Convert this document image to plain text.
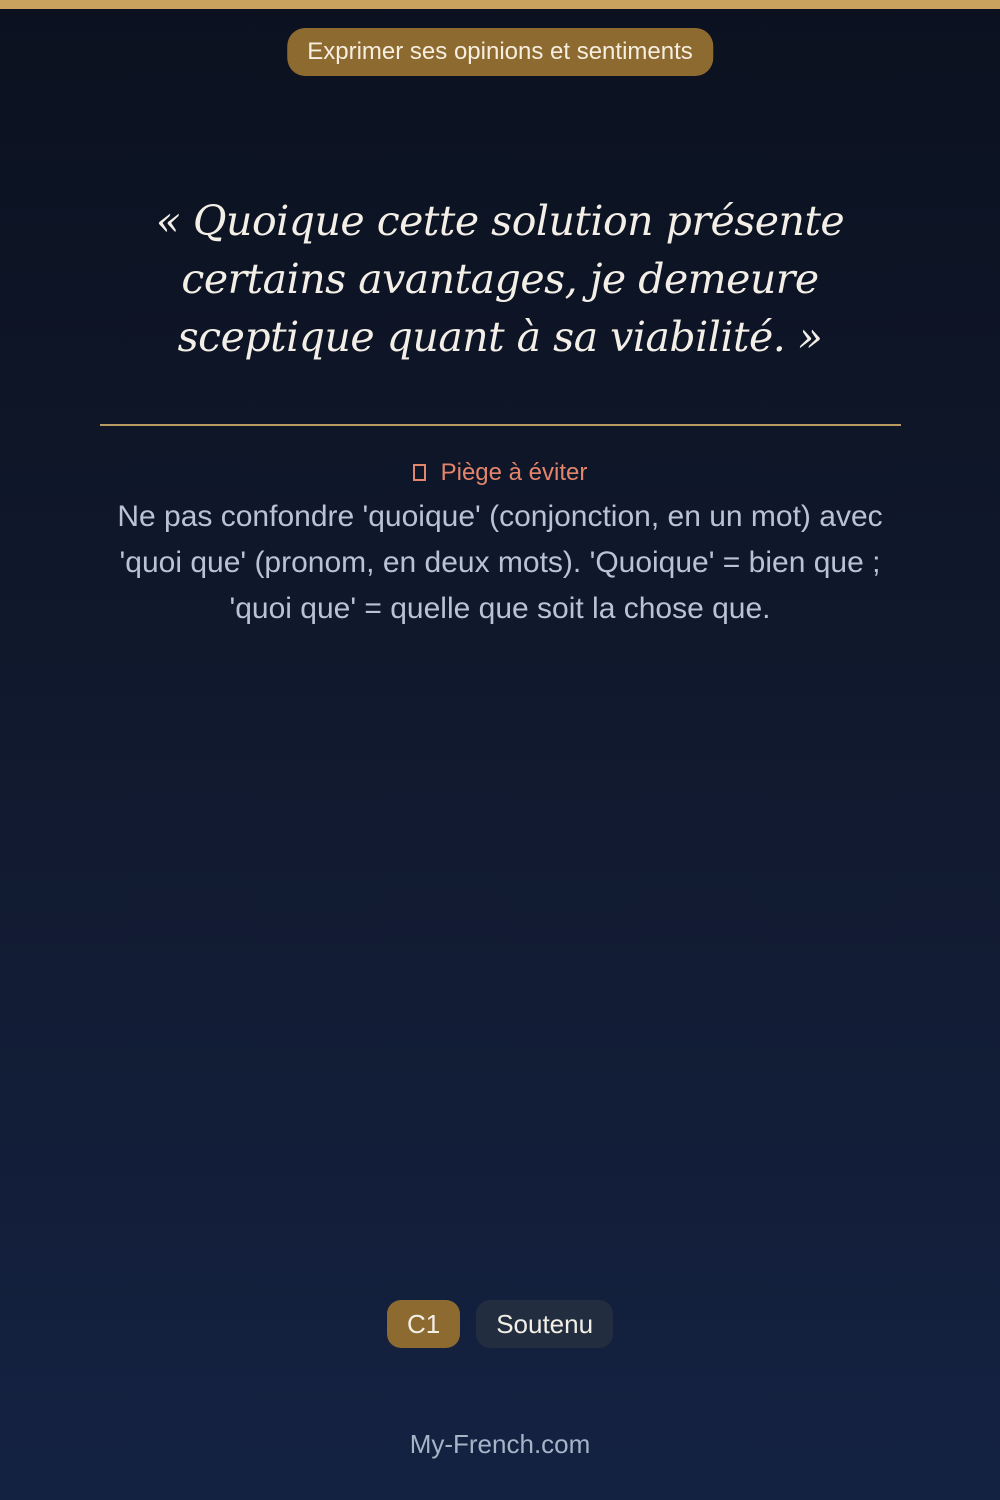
Exprimer ses opinions et sentiments

« Quoique cette solution présente certains avantages, je demeure sceptique quant à sa viabilité. »

Piège à éviter

Ne pas confondre 'quoique' (conjonction, en un mot) avec 'quoi que' (pronom, en deux mots). 'Quoique' = bien que ; 'quoi que' = quelle que soit la chose que.

C1	Soutenu
My-French.com
